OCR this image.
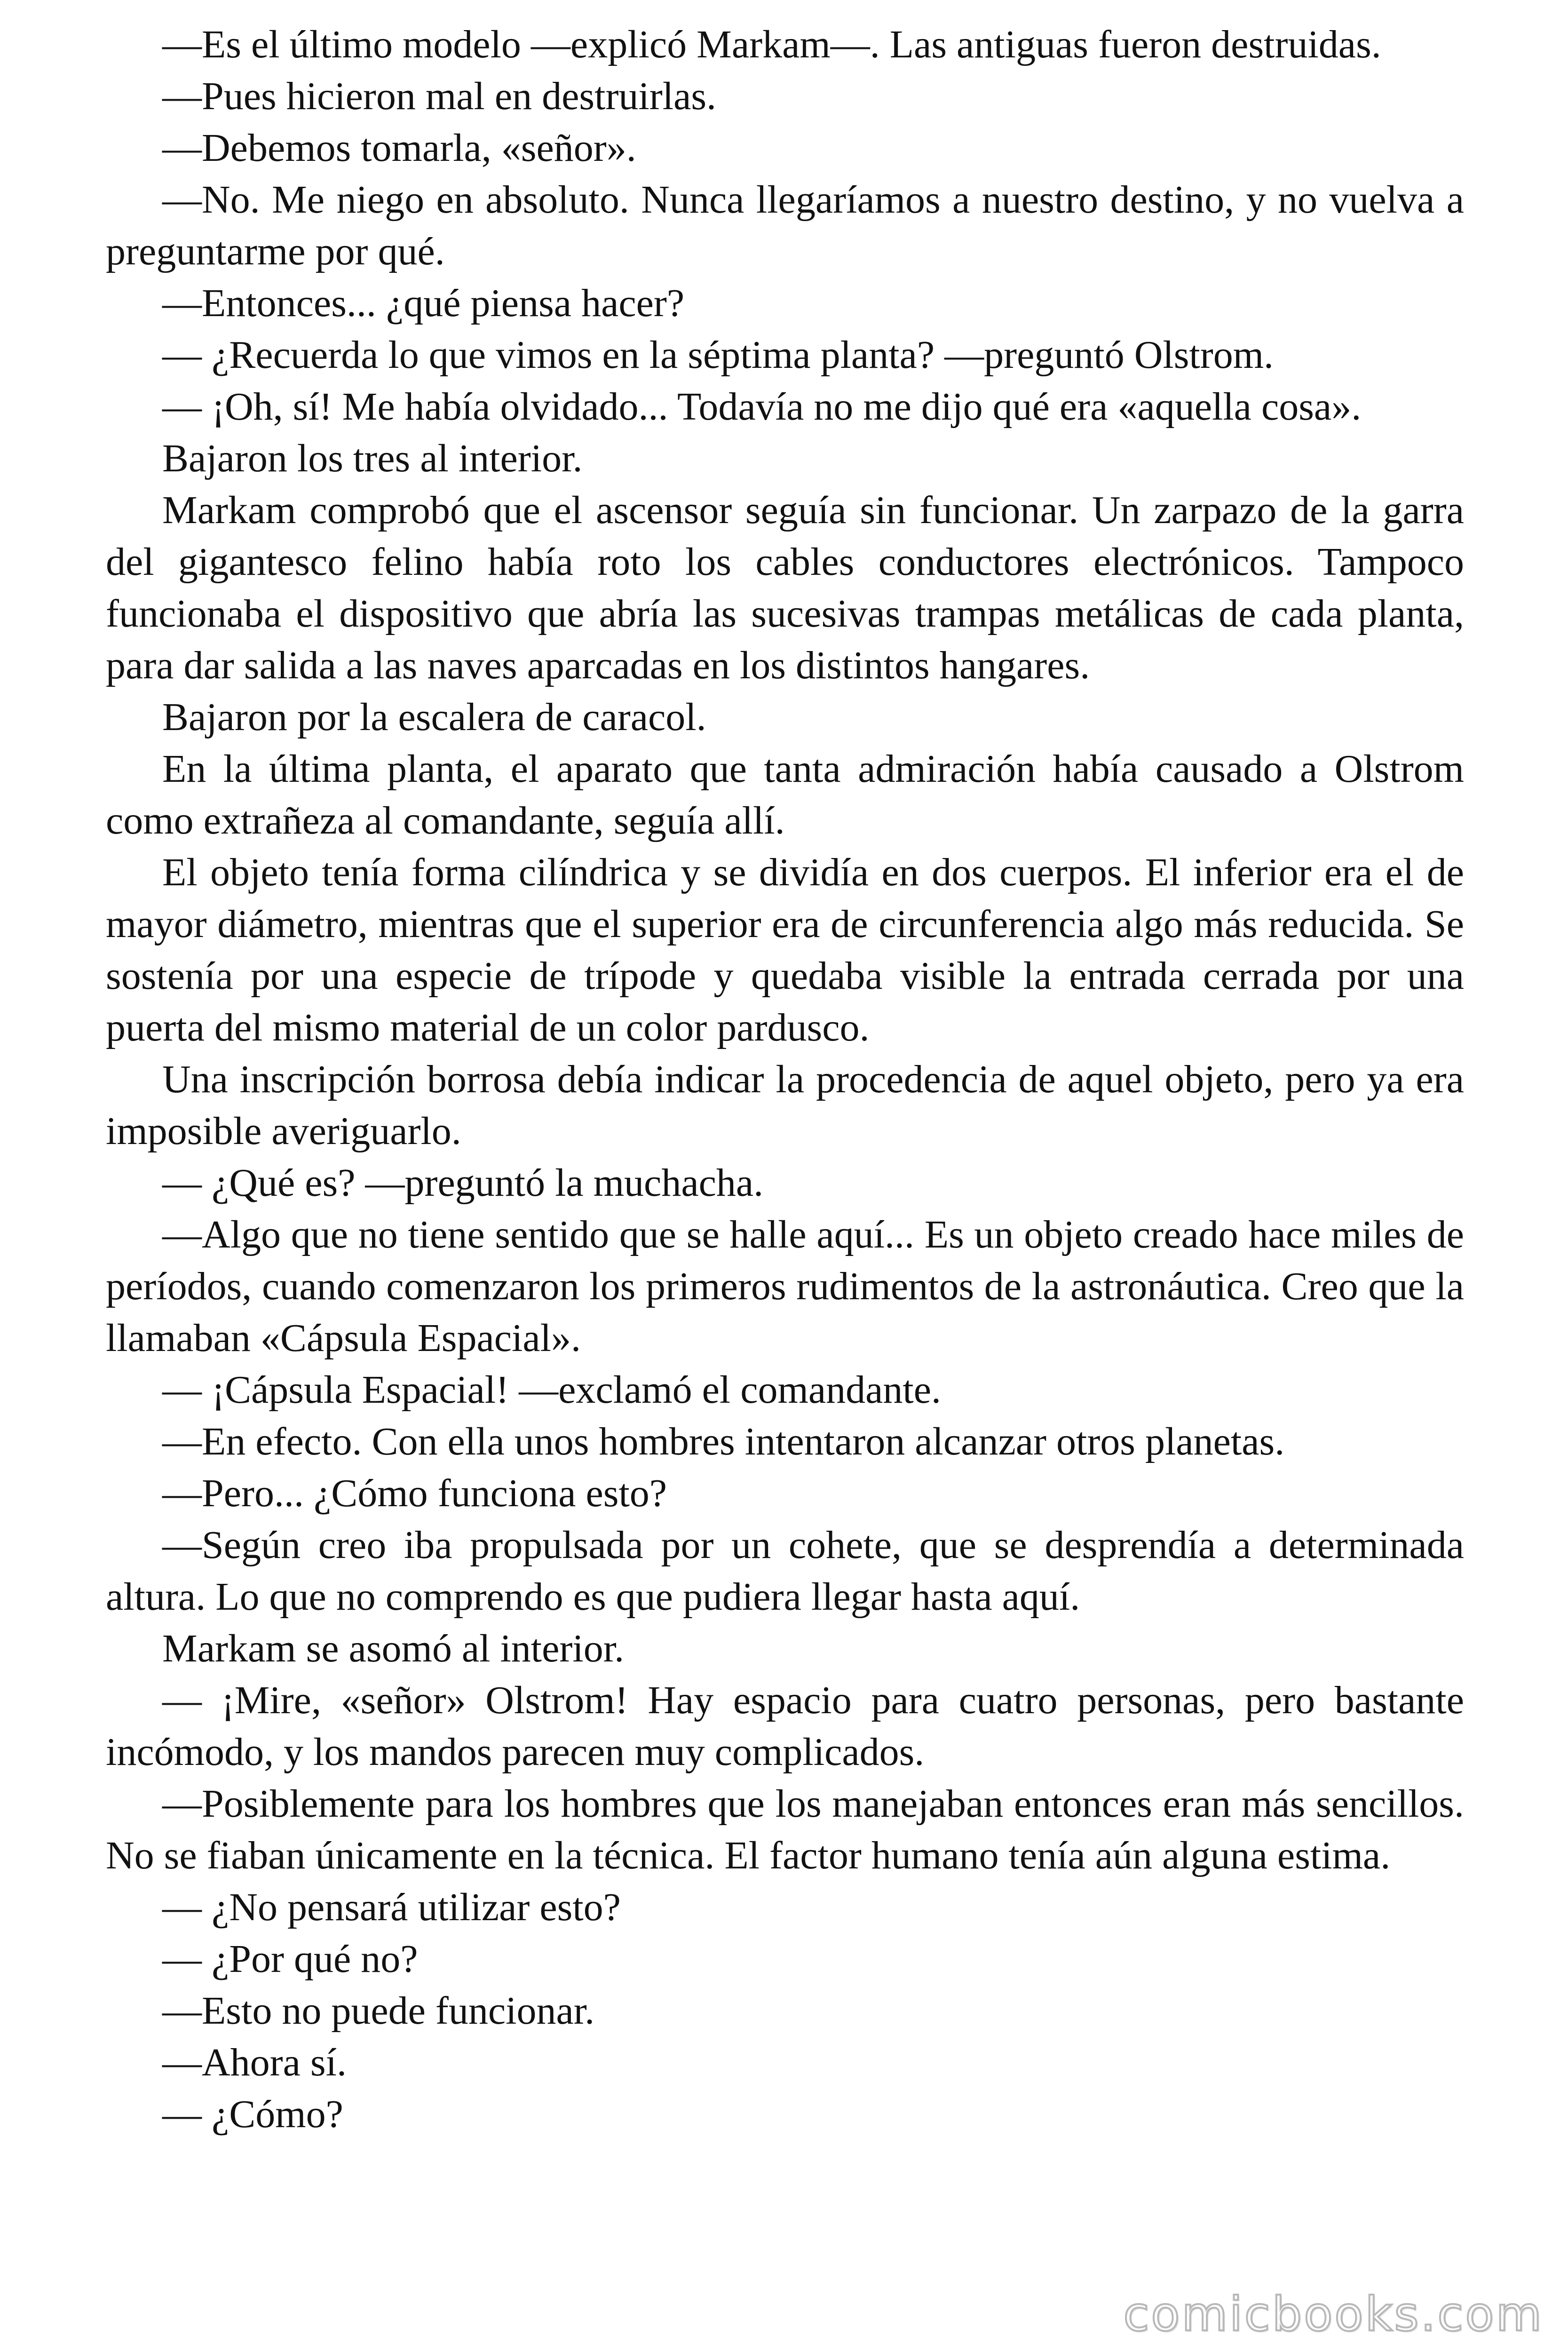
—Es el último modelo —explicó Markam—. Las antiguas fueron destruidas.

—Pues hicieron mal en destruirlas.

—Debemos tomarla, «señor».

—No. Me niego en absoluto. Nunca llegaríamos a nuestro destino, y no vuelva a preguntarme por qué.

—Entonces... ¿qué piensa hacer?

— ¿Recuerda lo que vimos en la séptima planta? —preguntó Olstrom.

— ¡Oh, sí! Me había olvidado... Todavía no me dijo qué era «aquella cosa».

Bajaron los tres al interior.

Markam comprobó que el ascensor seguía sin funcionar. Un zarpazo de la garra del gigantesco felino había roto los cables conductores electrónicos. Tampoco funcionaba el dispositivo que abría las sucesivas trampas metálicas de cada planta, para dar salida a las naves aparcadas en los distintos hangares.

Bajaron por la escalera de caracol.

En la última planta, el aparato que tanta admiración había causado a Olstrom como extrañeza al comandante, seguía allí.

El objeto tenía forma cilíndrica y se dividía en dos cuerpos. El inferior era el de mayor diámetro, mientras que el superior era de circunferencia algo más reducida. Se sostenía por una especie de trípode y quedaba visible la entrada cerrada por una puerta del mismo material de un color pardusco.

Una inscripción borrosa debía indicar la procedencia de aquel objeto, pero ya era imposible averiguarlo.

— ¿Qué es? —preguntó la muchacha.

—Algo que no tiene sentido que se halle aquí... Es un objeto creado hace miles de períodos, cuando comenzaron los primeros rudimentos de la astronáutica. Creo que la llamaban «Cápsula Espacial».

— ¡Cápsula Espacial! —exclamó el comandante.

—En efecto. Con ella unos hombres intentaron alcanzar otros planetas.

—Pero... ¿Cómo funciona esto?

—Según creo iba propulsada por un cohete, que se desprendía a determinada altura. Lo que no comprendo es que pudiera llegar hasta aquí.

Markam se asomó al interior.

— ¡Mire, «señor» Olstrom! Hay espacio para cuatro personas, pero bastante incómodo, y los mandos parecen muy complicados.

—Posiblemente para los hombres que los manejaban entonces eran más sencillos. No se fiaban únicamente en la técnica. El factor humano tenía aún alguna estima.

— ¿No pensará utilizar esto?

— ¿Por qué no?

—Esto no puede funcionar.

—Ahora sí.

— ¿Cómo?

comicbooks.com
